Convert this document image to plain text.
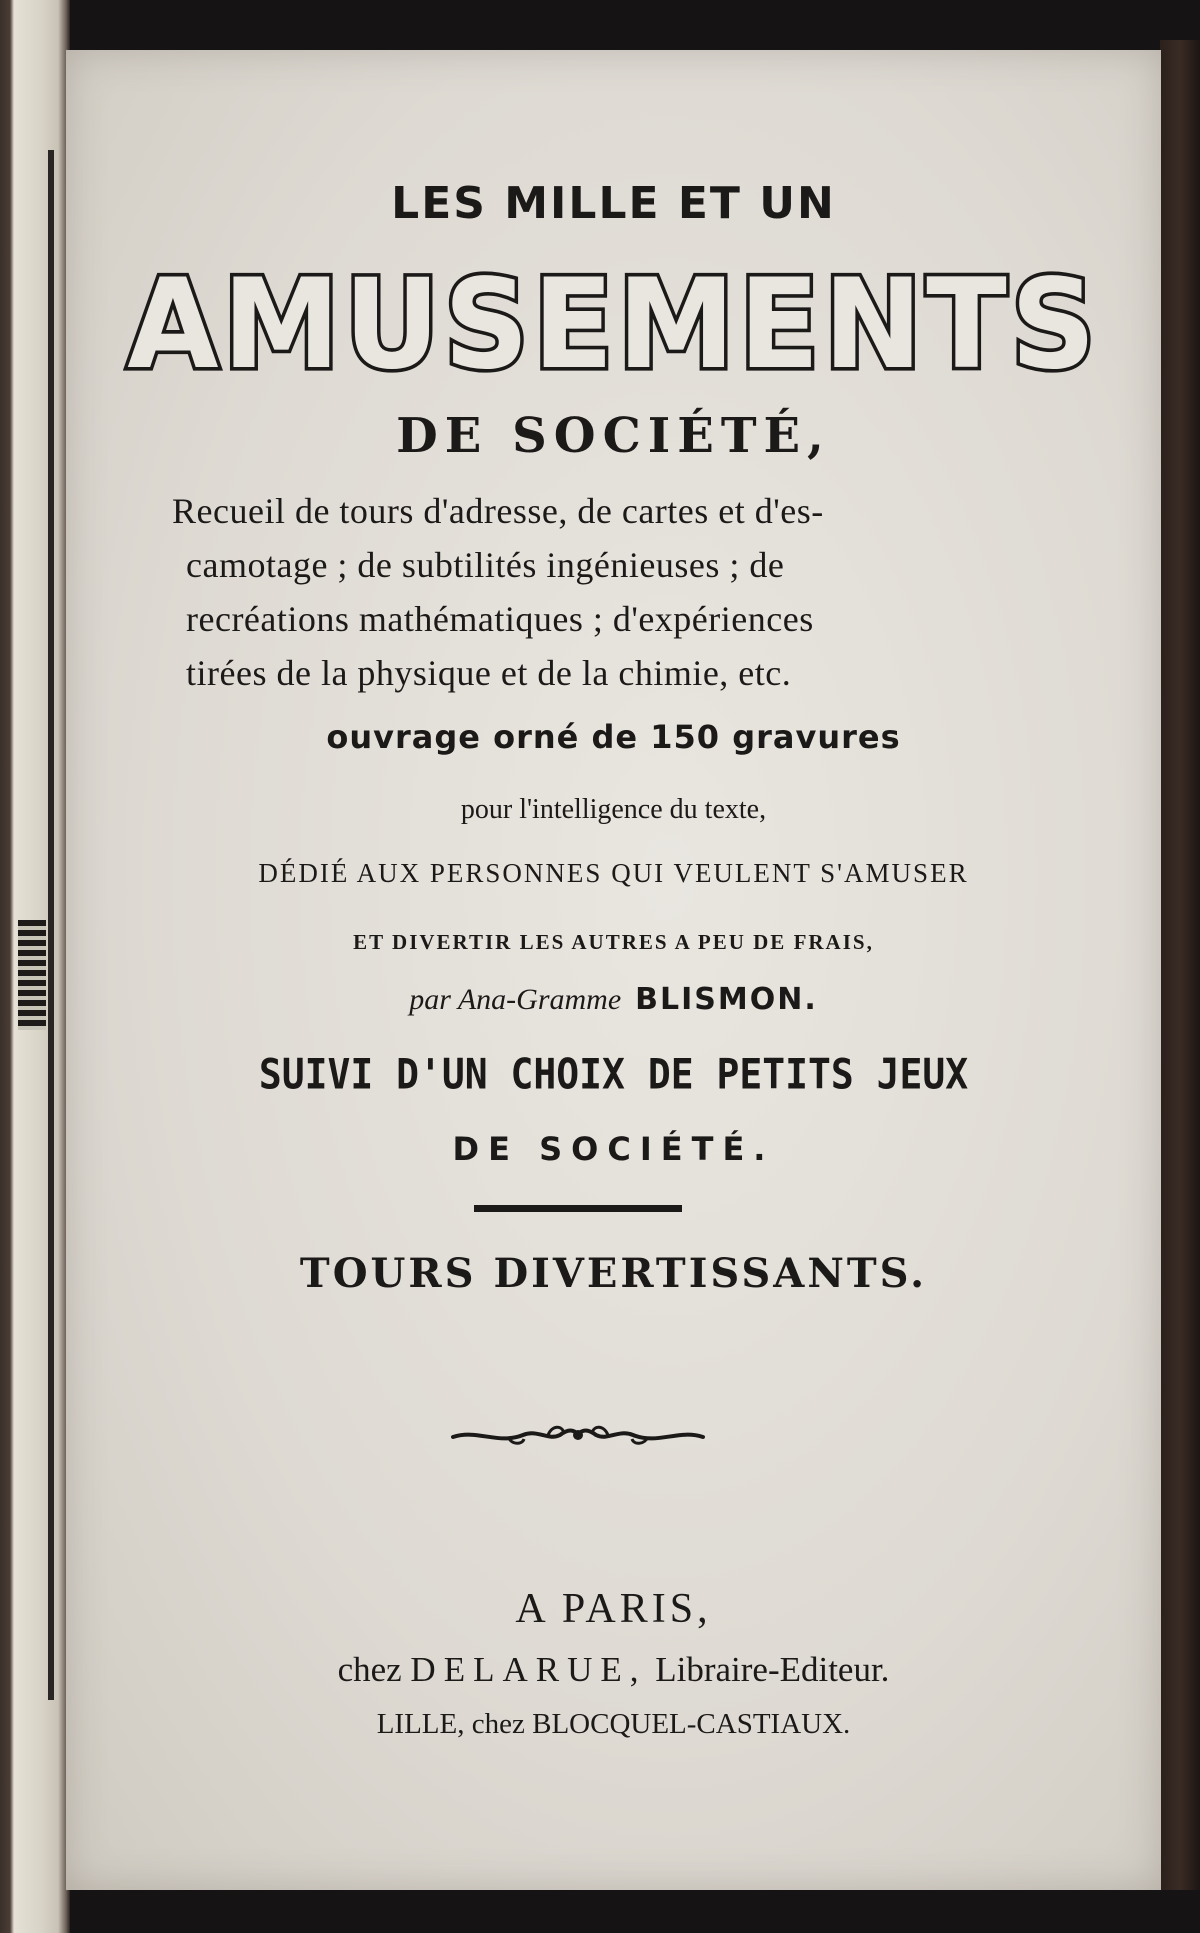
LES MILLE ET UN
AMUSEMENTS
DE SOCIÉTÉ,
Recueil de tours d'adresse, de cartes et d'es-
camotage ; de subtilités ingénieuses ; de
recréations mathématiques ; d'expériences
tirées de la physique et de la chimie, etc.
ouvrage orné de 150 gravures
pour l'intelligence du texte,
DÉDIÉ AUX PERSONNES QUI VEULENT S'AMUSER
ET DIVERTIR LES AUTRES A PEU DE FRAIS,
par Ana-Gramme BLISMON.
SUIVI D'UN CHOIX DE PETITS JEUX
DE SOCIÉTÉ.
TOURS DIVERTISSANTS.
A PARIS,
chez DELARUE, Libraire-Editeur.
LILLE, chez BLOCQUEL-CASTIAUX.
